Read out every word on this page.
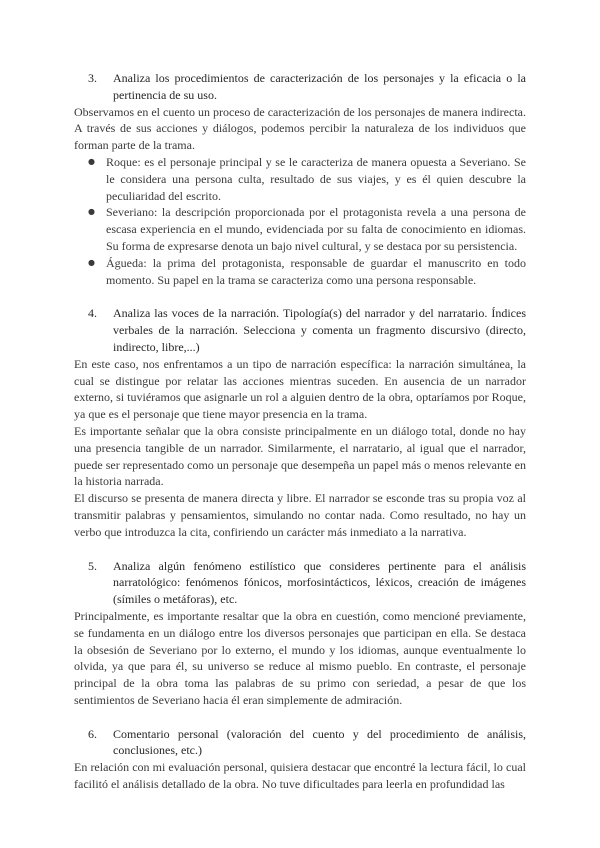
3.	Analiza los procedimientos de caracterización de los personajes y la eficacia o la pertinencia de su uso.

Observamos en el cuento un proceso de caracterización de los personajes de manera indirecta. A través de sus acciones y diálogos, podemos percibir la naturaleza de los individuos que forman parte de la trama.

● Roque: es el personaje principal y se le caracteriza de manera opuesta a Severiano. Se le considera una persona culta, resultado de sus viajes, y es él quien descubre la peculiaridad del escrito.
● Severiano: la descripción proporcionada por el protagonista revela a una persona de escasa experiencia en el mundo, evidenciada por su falta de conocimiento en idiomas. Su forma de expresarse denota un bajo nivel cultural, y se destaca por su persistencia.
● Águeda: la prima del protagonista, responsable de guardar el manuscrito en todo momento. Su papel en la trama se caracteriza como una persona responsable.
4.	Analiza las voces de la narración. Tipología(s) del narrador y del narratario. Índices verbales de la narración. Selecciona y comenta un fragmento discursivo (directo, indirecto, libre,...)

En este caso, nos enfrentamos a un tipo de narración específica: la narración simultánea, la cual se distingue por relatar las acciones mientras suceden. En ausencia de un narrador externo, si tuviéramos que asignarle un rol a alguien dentro de la obra, optaríamos por Roque, ya que es el personaje que tiene mayor presencia en la trama.

Es importante señalar que la obra consiste principalmente en un diálogo total, donde no hay una presencia tangible de un narrador. Similarmente, el narratario, al igual que el narrador, puede ser representado como un personaje que desempeña un papel más o menos relevante en la historia narrada.

El discurso se presenta de manera directa y libre. El narrador se esconde tras su propia voz al transmitir palabras y pensamientos, simulando no contar nada. Como resultado, no hay un verbo que introduzca la cita, confiriendo un carácter más inmediato a la narrativa.

5.	Analiza algún fenómeno estilístico que consideres pertinente para el análisis narratológico: fenómenos fónicos, morfosintácticos, léxicos, creación de imágenes (símiles o metáforas), etc.

Principalmente, es importante resaltar que la obra en cuestión, como mencioné previamente, se fundamenta en un diálogo entre los diversos personajes que participan en ella. Se destaca la obsesión de Severiano por lo externo, el mundo y los idiomas, aunque eventualmente lo olvida, ya que para él, su universo se reduce al mismo pueblo. En contraste, el personaje principal de la obra toma las palabras de su primo con seriedad, a pesar de que los sentimientos de Severiano hacia él eran simplemente de admiración.

6.	Comentario personal (valoración del cuento y del procedimiento de análisis, conclusiones, etc.)

En relación con mi evaluación personal, quisiera destacar que encontré la lectura fácil, lo cual facilitó el análisis detallado de la obra. No tuve dificultades para leerla en profundidad las
